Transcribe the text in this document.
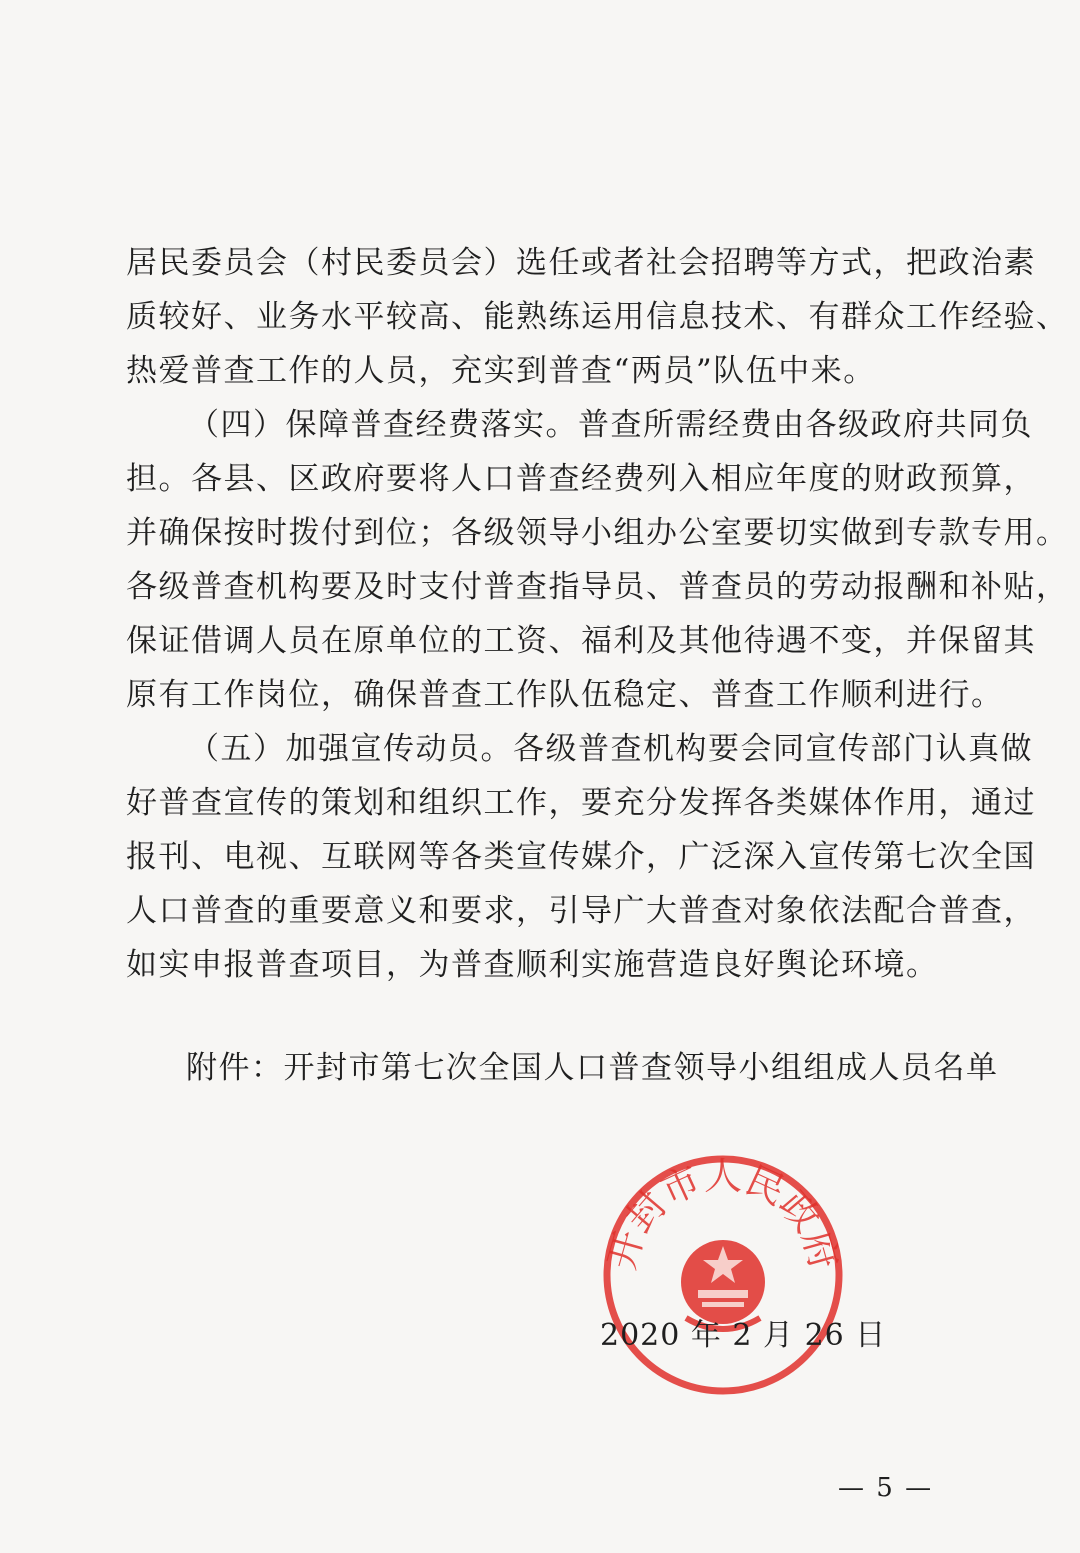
居民委员会（村民委员会）选任或者社会招聘等方式，把政治素
质较好、业务水平较高、能熟练运用信息技术、有群众工作经验、
热爱普查工作的人员，充实到普查“两员”队伍中来。
（四）保障普查经费落实。普查所需经费由各级政府共同负
担。各县、区政府要将人口普查经费列入相应年度的财政预算，
并确保按时拨付到位；各级领导小组办公室要切实做到专款专用。
各级普查机构要及时支付普查指导员、普查员的劳动报酬和补贴，
保证借调人员在原单位的工资、福利及其他待遇不变，并保留其
原有工作岗位，确保普查工作队伍稳定、普查工作顺利进行。
（五）加强宣传动员。各级普查机构要会同宣传部门认真做
好普查宣传的策划和组织工作，要充分发挥各类媒体作用，通过
报刊、电视、互联网等各类宣传媒介，广泛深入宣传第七次全国
人口普查的重要意义和要求，引导广大普查对象依法配合普查，
如实申报普查项目，为普查顺利实施营造良好舆论环境。
附件：开封市第七次全国人口普查领导小组组成人员名单
开封市人民政府
2020 年 2 月 26 日
— 5 —
